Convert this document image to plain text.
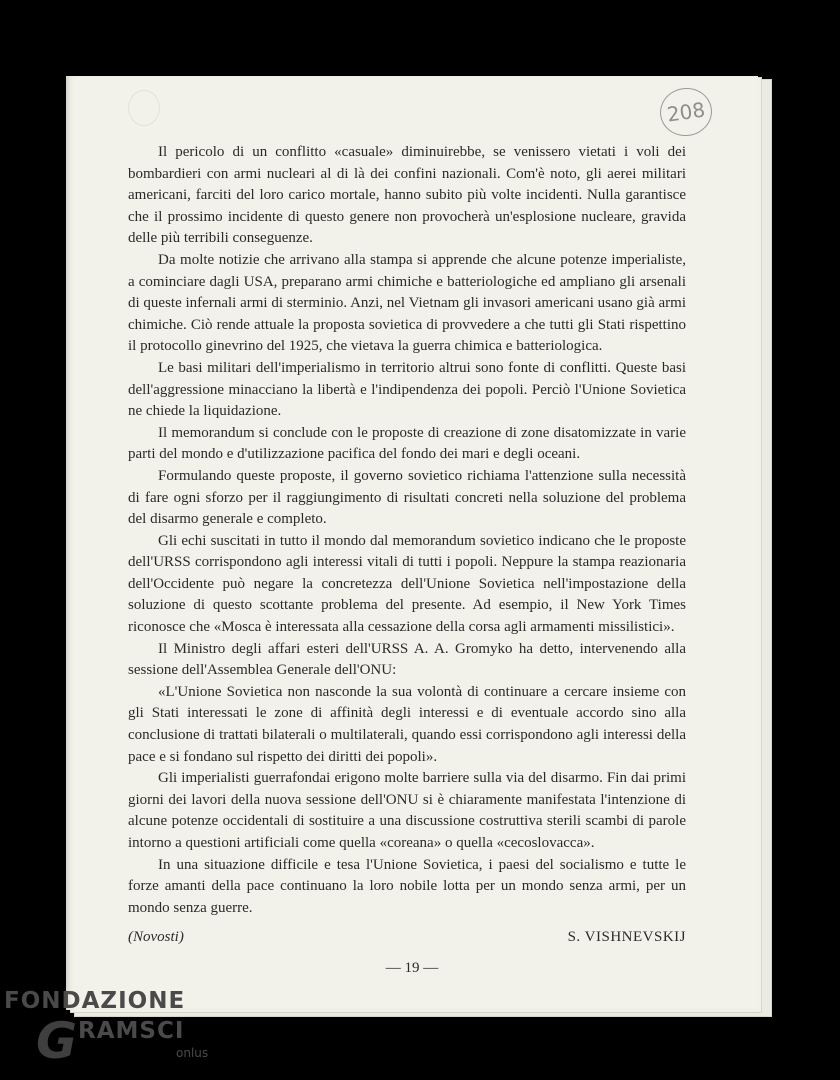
208

Il pericolo di un conflitto «casuale» diminuirebbe, se venissero vietati i voli dei bombardieri con armi nucleari al di là dei confini nazionali. Com'è noto, gli aerei militari americani, farciti del loro carico mortale, hanno subito più volte incidenti. Nulla garantisce che il prossimo incidente di questo genere non provocherà un'esplosione nucleare, gravida delle più terribili conseguenze.

Da molte notizie che arrivano alla stampa si apprende che alcune potenze imperialiste, a cominciare dagli USA, preparano armi chimiche e batteriologiche ed ampliano gli arsenali di queste infernali armi di sterminio. Anzi, nel Vietnam gli invasori americani usano già armi chimiche. Ciò rende attuale la proposta sovietica di provvedere a che tutti gli Stati rispettino il protocollo ginevrino del 1925, che vietava la guerra chimica e batteriologica.

Le basi militari dell'imperialismo in territorio altrui sono fonte di conflitti. Queste basi dell'aggressione minacciano la libertà e l'indipendenza dei popoli. Perciò l'Unione Sovietica ne chiede la liquidazione.

Il memorandum si conclude con le proposte di creazione di zone disatomizzate in varie parti del mondo e d'utilizzazione pacifica del fondo dei mari e degli oceani.

Formulando queste proposte, il governo sovietico richiama l'attenzione sulla necessità di fare ogni sforzo per il raggiungimento di risultati concreti nella soluzione del problema del disarmo generale e completo.

Gli echi suscitati in tutto il mondo dal memorandum sovietico indicano che le proposte dell'URSS corrispondono agli interessi vitali di tutti i popoli. Neppure la stampa reazionaria dell'Occidente può negare la concretezza dell'Unione Sovietica nell'impostazione della soluzione di questo scottante problema del presente. Ad esempio, il New York Times riconosce che «Mosca è interessata alla cessazione della corsa agli armamenti missilistici».

Il Ministro degli affari esteri dell'URSS A. A. Gromyko ha detto, intervenendo alla sessione dell'Assemblea Generale dell'ONU:

«L'Unione Sovietica non nasconde la sua volontà di continuare a cercare insieme con gli Stati interessati le zone di affinità degli interessi e di eventuale accordo sino alla conclusione di trattati bilaterali o multilaterali, quando essi corrispondono agli interessi della pace e si fondano sul rispetto dei diritti dei popoli».

Gli imperialisti guerrafondai erigono molte barriere sulla via del disarmo. Fin dai primi giorni dei lavori della nuova sessione dell'ONU si è chiaramente manifestata l'intenzione di alcune potenze occidentali di sostituire a una discussione costruttiva sterili scambi di parole intorno a questioni artificiali come quella «coreana» o quella «cecoslovacca».

In una situazione difficile e tesa l'Unione Sovietica, i paesi del socialismo e tutte le forze amanti della pace continuano la loro nobile lotta per un mondo senza armi, per un mondo senza guerre.

(Novosti)	S. VISHNEVSKIJ
— 19 —
FONDAZIONE
G RAMSCI
onlus
